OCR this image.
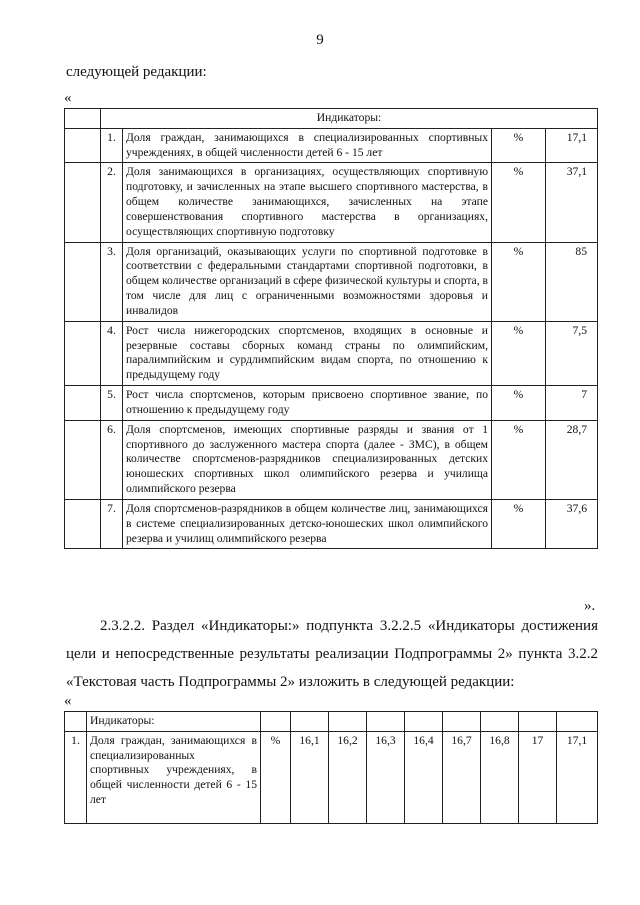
9
следующей редакции:
«
	Индикаторы:			
	1.	Доля граждан, занимающихся в специализированных спортивных учреждениях, в общей численности детей 6 - 15 лет	%	17,1
	2.	Доля занимающихся в организациях, осуществляющих спортивную подготовку, и зачисленных на этапе высшего спортивного мастерства, в общем количестве занимающихся, зачисленных на этапе совершенствования спортивного мастерства в организациях, осуществляющих спортивную подготовку	%	37,1
	3.	Доля организаций, оказывающих услуги по спортивной подготовке в соответствии с федеральными стандартами спортивной подготовки, в общем количестве организаций в сфере физической культуры и спорта, в том числе для лиц с ограниченными возможностями здоровья и инвалидов	%	85
	4.	Рост числа нижегородских спортсменов, входящих в основные и резервные составы сборных команд страны по олимпийским, паралимпийским и сурдлимпийским видам спорта, по отношению к предыдущему году	%	7,5
	5.	Рост числа спортсменов, которым присвоено спортивное звание, по отношению к предыдущему году	%	7
	6.	Доля спортсменов, имеющих спортивные разряды и звания от 1 спортивного до заслуженного мастера спорта (далее - ЗМС), в общем количестве спортсменов-разрядников специализированных детских юношеских спортивных школ олимпийского резерва и училища олимпийского резерва	%	28,7
	7.	Доля спортсменов-разрядников в общем количестве лиц, занимающихся в системе специализированных детско-юношеских школ олимпийского резерва и училищ олимпийского резерва	%	37,6
».
2.3.2.2. Раздел «Индикаторы:» подпункта 3.2.2.5 «Индикаторы достижения цели и непосредственные результаты реализации Подпрограммы 2» пункта 3.2.2 «Текстовая часть Подпрограммы 2» изложить в следующей редакции:
«
	Индикаторы:									
1.	Доля граждан, занимающихся в специализированных спортивных учреждениях, в общей численности детей 6 - 15 лет	%	16,1	16,2	16,3	16,4	16,7	16,8	17	17,1
